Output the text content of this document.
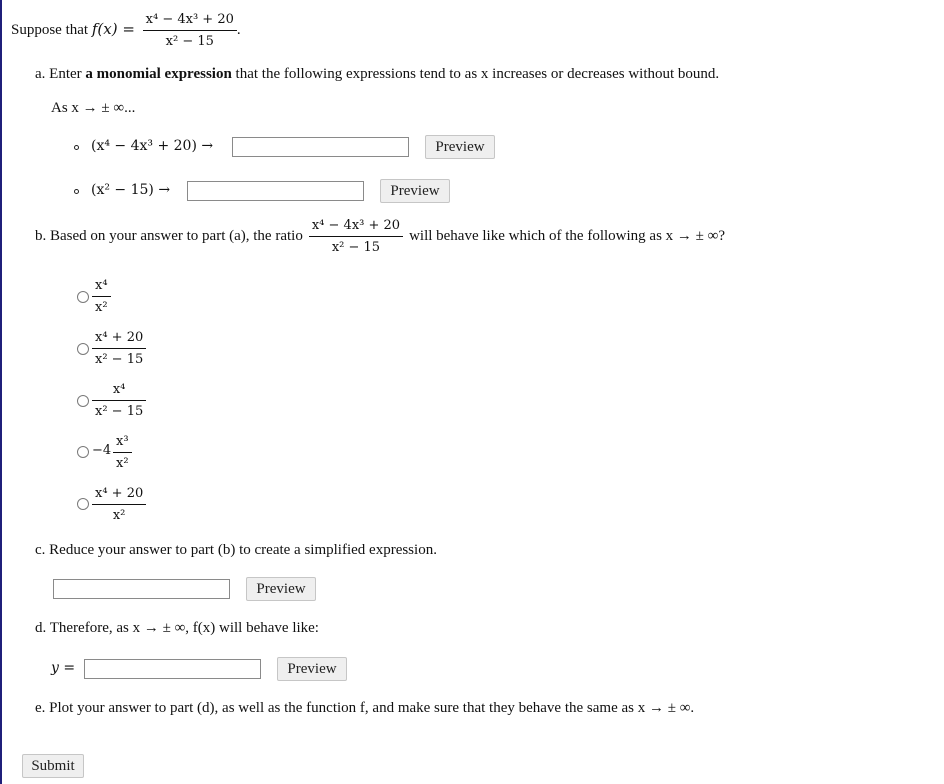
Suppose that $f(x) = \frac{\text{x⁴ − 4x³ + 20}}{\text{x² − 15}}$ .
a. Enter a monomial expression that the following expressions tend to as x increases or decreases without bound.
As x → ± ∞...
(x⁴ − 4x³ + 20) →	Preview
(x² − 15) →	Preview
b. Based on your answer to part (a), the ratio $\frac{\text{x⁴ − 4x³ + 20}}{\text{x² − 15}}$ will behave like which of the following as x → ± ∞?
$\frac{\text{x⁴}}{\text{x²}}$
$\frac{\text{x⁴ + 20}}{\text{x² − 15}}$
$\frac{\text{x⁴}}{\text{x² − 15}}$
$-4 \frac{\text{x³}}{\text{x²}}$
$\frac{\text{x⁴ + 20}}{\text{x²}}$
c. Reduce your answer to part (b) to create a simplified expression.
Preview
d. Therefore, as x → ± ∞, f(x) will behave like:
y =	Preview
e. Plot your answer to part (d), as well as the function f, and make sure that they behave the same as x → ± ∞.
Submit
